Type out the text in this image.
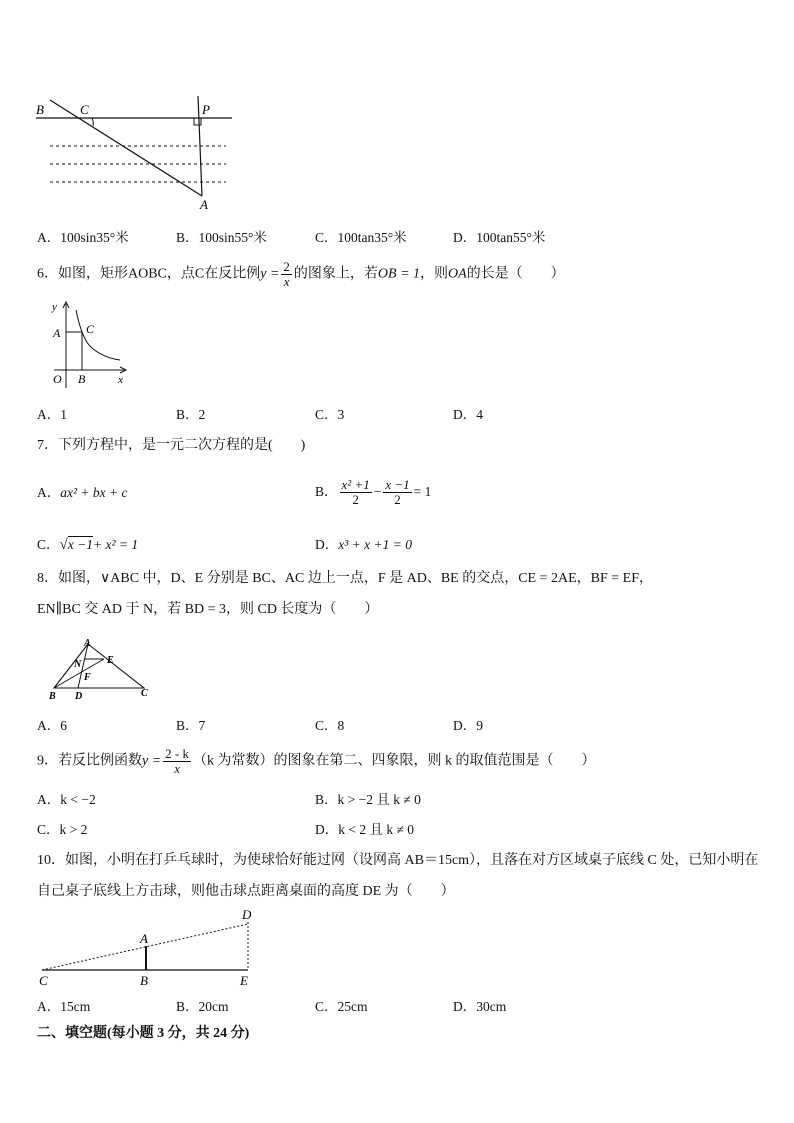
B	C	P
A
A．100sin35°米	B．100sin55°米	C．100tan35°米	D．100tan55°米
6．如图，矩形AOBC，点C在反比例$y = \frac{2}{x}$ 的图象上，若OB = 1，则OA的长是（　　）
y
A C
O B	x
A．1	B．2	C．3	D．4
7．下列方程中，是一元二次方程的是(　　)
A．ax² + bx + c	B． $\frac{\text{x² +1}}{2} - \frac{x -1}{2} = 1$
C．√x −1+ x² = 1	D．x³ + x +1 = 0
8．如图，∨ABC 中，D、E 分别是 BC、AC 边上一点，F 是 AD、BE 的交点，CE = 2AE，BF = EF，
EN∥BC 交 AD 于 N，若 BD = 3，则 CD 长度为（　　）
A
N	E
F
B D	C
A．6	B．7	C．8	D．9
9．若反比例函数$y = \frac{2 - k}{x} (k$ 为常数）的图象在第二、四象限，则 k 的取值范围是（　　）
A．k < −2	B．k > −2 且 k ≠ 0
C．k > 2	D．k < 2 且 k ≠ 0
10．如图，小明在打乒乓球时，为使球恰好能过网（设网高 AB＝15cm），且落在对方区域桌子底线 C 处，已知小明在
自己桌子底线上方击球，则他击球点距离桌面的高度 DE 为（　　）
D
A
C	B	E
A．15cm	B．20cm	C．25cm	D．30cm
二、填空题(每小题 3 分，共 24 分)
